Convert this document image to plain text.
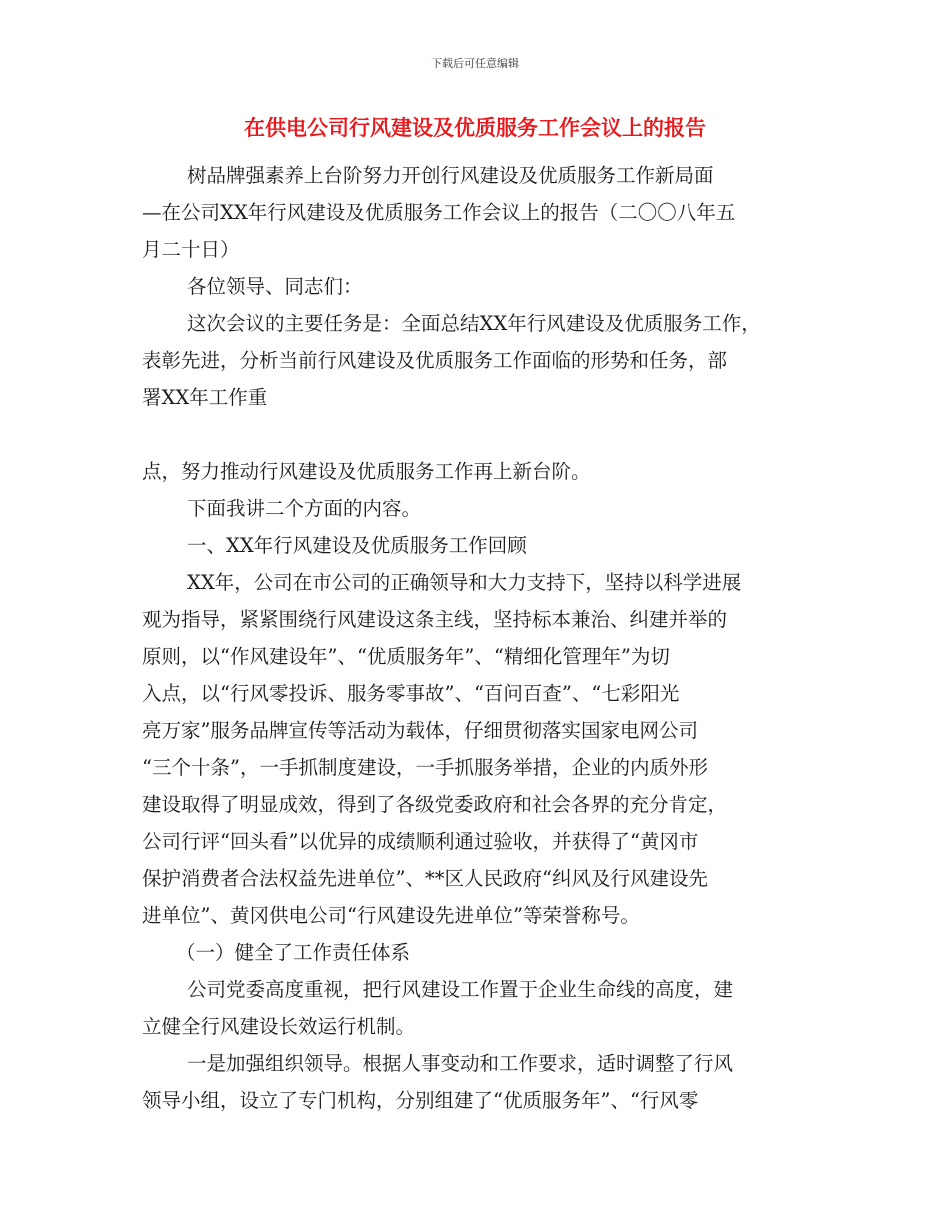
下载后可任意编辑
在供电公司行风建设及优质服务工作会议上的报告
树品牌强素养上台阶努力开创行风建设及优质服务工作新局面
—在公司XX年行风建设及优质服务工作会议上的报告（二〇〇八年五
月二十日）
各位领导、同志们：
这次会议的主要任务是：全面总结XX年行风建设及优质服务工作，
表彰先进，分析当前行风建设及优质服务工作面临的形势和任务，部
署XX年工作重
点，努力推动行风建设及优质服务工作再上新台阶。
下面我讲二个方面的内容。
一、XX年行风建设及优质服务工作回顾
XX年，公司在市公司的正确领导和大力支持下，坚持以科学进展
观为指导，紧紧围绕行风建设这条主线，坚持标本兼治、纠建并举的
原则，以“作风建设年”、“优质服务年”、“精细化管理年”为切
入点，以“行风零投诉、服务零事故”、“百问百查”、“七彩阳光
亮万家”服务品牌宣传等活动为载体，仔细贯彻落实国家电网公司
“三个十条”，一手抓制度建设，一手抓服务举措，企业的内质外形
建设取得了明显成效，得到了各级党委政府和社会各界的充分肯定，
公司行评“回头看”以优异的成绩顺利通过验收，并获得了“黄冈市
保护消费者合法权益先进单位”、**区人民政府“纠风及行风建设先
进单位”、黄冈供电公司“行风建设先进单位”等荣誉称号。
（一）健全了工作责任体系
公司党委高度重视，把行风建设工作置于企业生命线的高度，建
立健全行风建设长效运行机制。
一是加强组织领导。根据人事变动和工作要求，适时调整了行风
领导小组，设立了专门机构，分别组建了“优质服务年”、“行风零
